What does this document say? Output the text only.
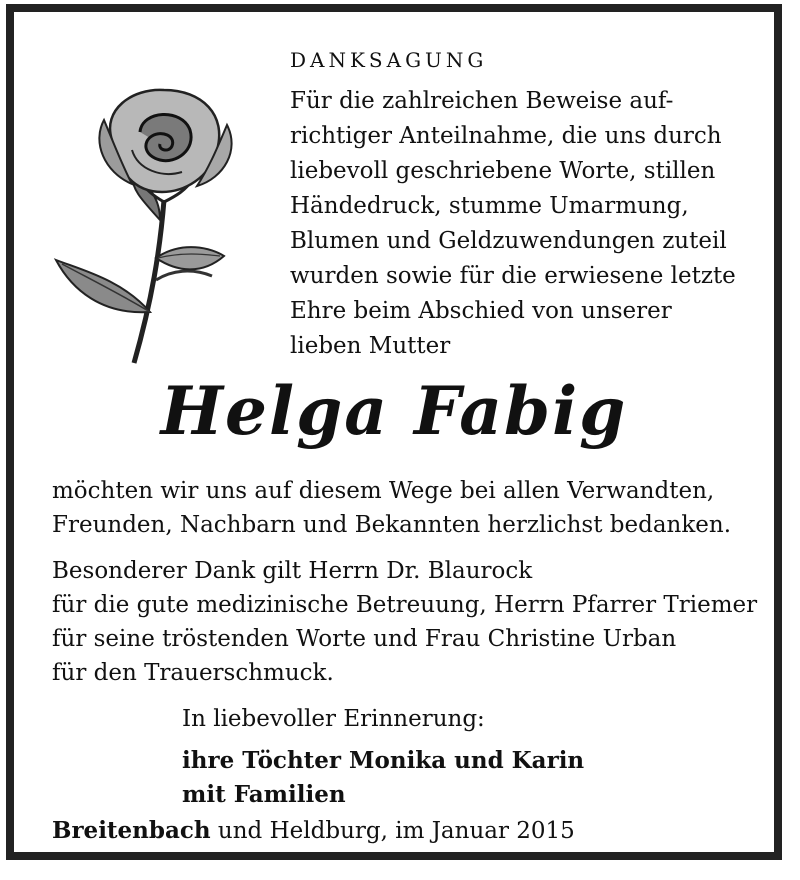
DANKSAGUNG
Für die zahlreichen Beweise auf-
richtiger Anteilnahme, die uns durch
liebevoll geschriebene Worte, stillen
Händedruck, stumme Umarmung,
Blumen und Geldzuwendungen zuteil
wurden sowie für die erwiesene letzte
Ehre beim Abschied von unserer
lieben Mutter
Helga Fabig
möchten wir uns auf diesem Wege bei allen Verwandten,
Freunden, Nachbarn und Bekannten herzlichst bedanken.
Besonderer Dank gilt Herrn Dr. Blaurock
für die gute medizinische Betreuung, Herrn Pfarrer Triemer
für seine tröstenden Worte und Frau Christine Urban
für den Trauerschmuck.
In liebevoller Erinnerung:
ihre Töchter Monika und Karin
mit Familien
Breitenbach und Heldburg, im Januar 2015
